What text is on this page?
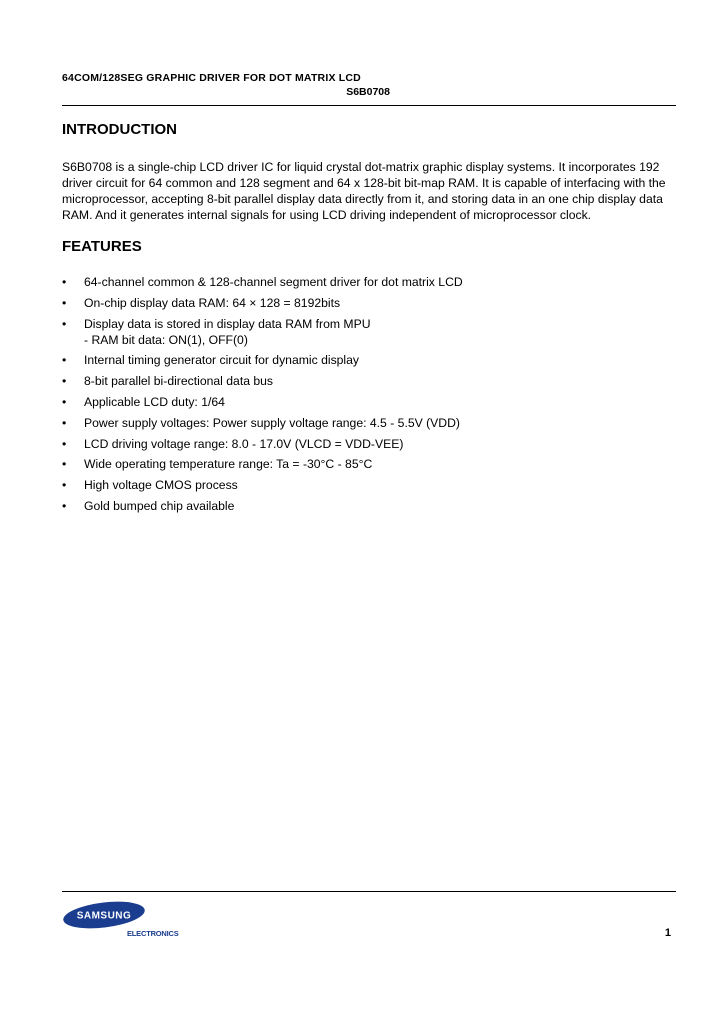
64COM/128SEG GRAPHIC DRIVER FOR DOT MATRIX LCD
S6B0708
INTRODUCTION

S6B0708 is a single-chip LCD driver IC for liquid crystal dot-matrix graphic display systems. It incorporates 192 driver circuit for 64 common and 128 segment and 64 x 128-bit bit-map RAM. It is capable of interfacing with the microprocessor, accepting 8-bit parallel display data directly from it, and storing data in an one chip display data RAM. And it generates internal signals for using LCD driving independent of microprocessor clock.

FEATURES
• 64-channel common & 128-channel segment driver for dot matrix LCD
• On-chip display data RAM: 64 × 128 = 8192bits
• Display data is stored in display data RAM from MPU
- RAM bit data: ON(1), OFF(0)
• Internal timing generator circuit for dynamic display
• 8-bit parallel bi-directional data bus
• Applicable LCD duty: 1/64
• Power supply voltages: Power supply voltage range: 4.5 - 5.5V (VDD)
• LCD driving voltage range: 8.0 - 17.0V (VLCD = VDD-VEE)
• Wide operating temperature range: Ta = -30°C - 85°C
• High voltage CMOS process
• Gold bumped chip available
SAMSUNG
ELECTRONICS	1
